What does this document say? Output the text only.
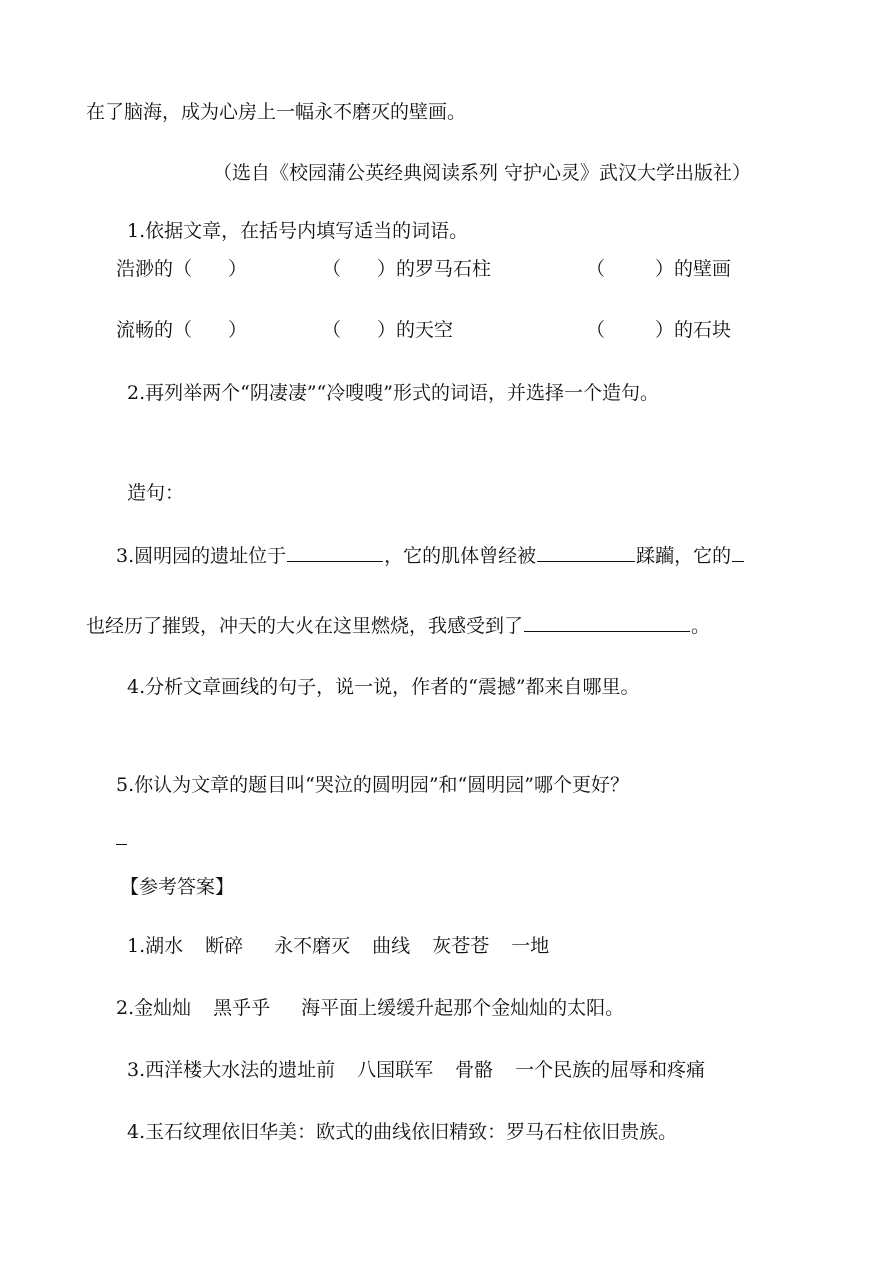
在了脑海，成为心房上一幅永不磨灭的壁画。
（选自《校园蒲公英经典阅读系列 守护心灵》武汉大学出版社）
1.依据文章，在括号内填写适当的词语。
浩渺的（ ）	（ ）的罗马石柱	（	）的壁画
流畅的（ ）	（ ）的天空	（	）的石块
2.再列举两个“阴凄凄”“冷嗖嗖”形式的词语，并选择一个造句。
造句：
3.圆明园的遗址位于	，它的肌体曾经被	蹂躏，它的
也经历了摧毁，冲天的大火在这里燃烧，我感受到了	。
4.分析文章画线的句子，说一说，作者的“震撼”都来自哪里。
5.你认为文章的题目叫“哭泣的圆明园”和“圆明园”哪个更好？
【参考答案】
1.湖水 断碎 永不磨灭 曲线 灰苍苍 一地
2.金灿灿 黑乎乎 海平面上缓缓升起那个金灿灿的太阳。
3.西洋楼大水法的遗址前 八国联军 骨骼 一个民族的屈辱和疼痛
4.玉石纹理依旧华美：欧式的曲线依旧精致：罗马石柱依旧贵族。
